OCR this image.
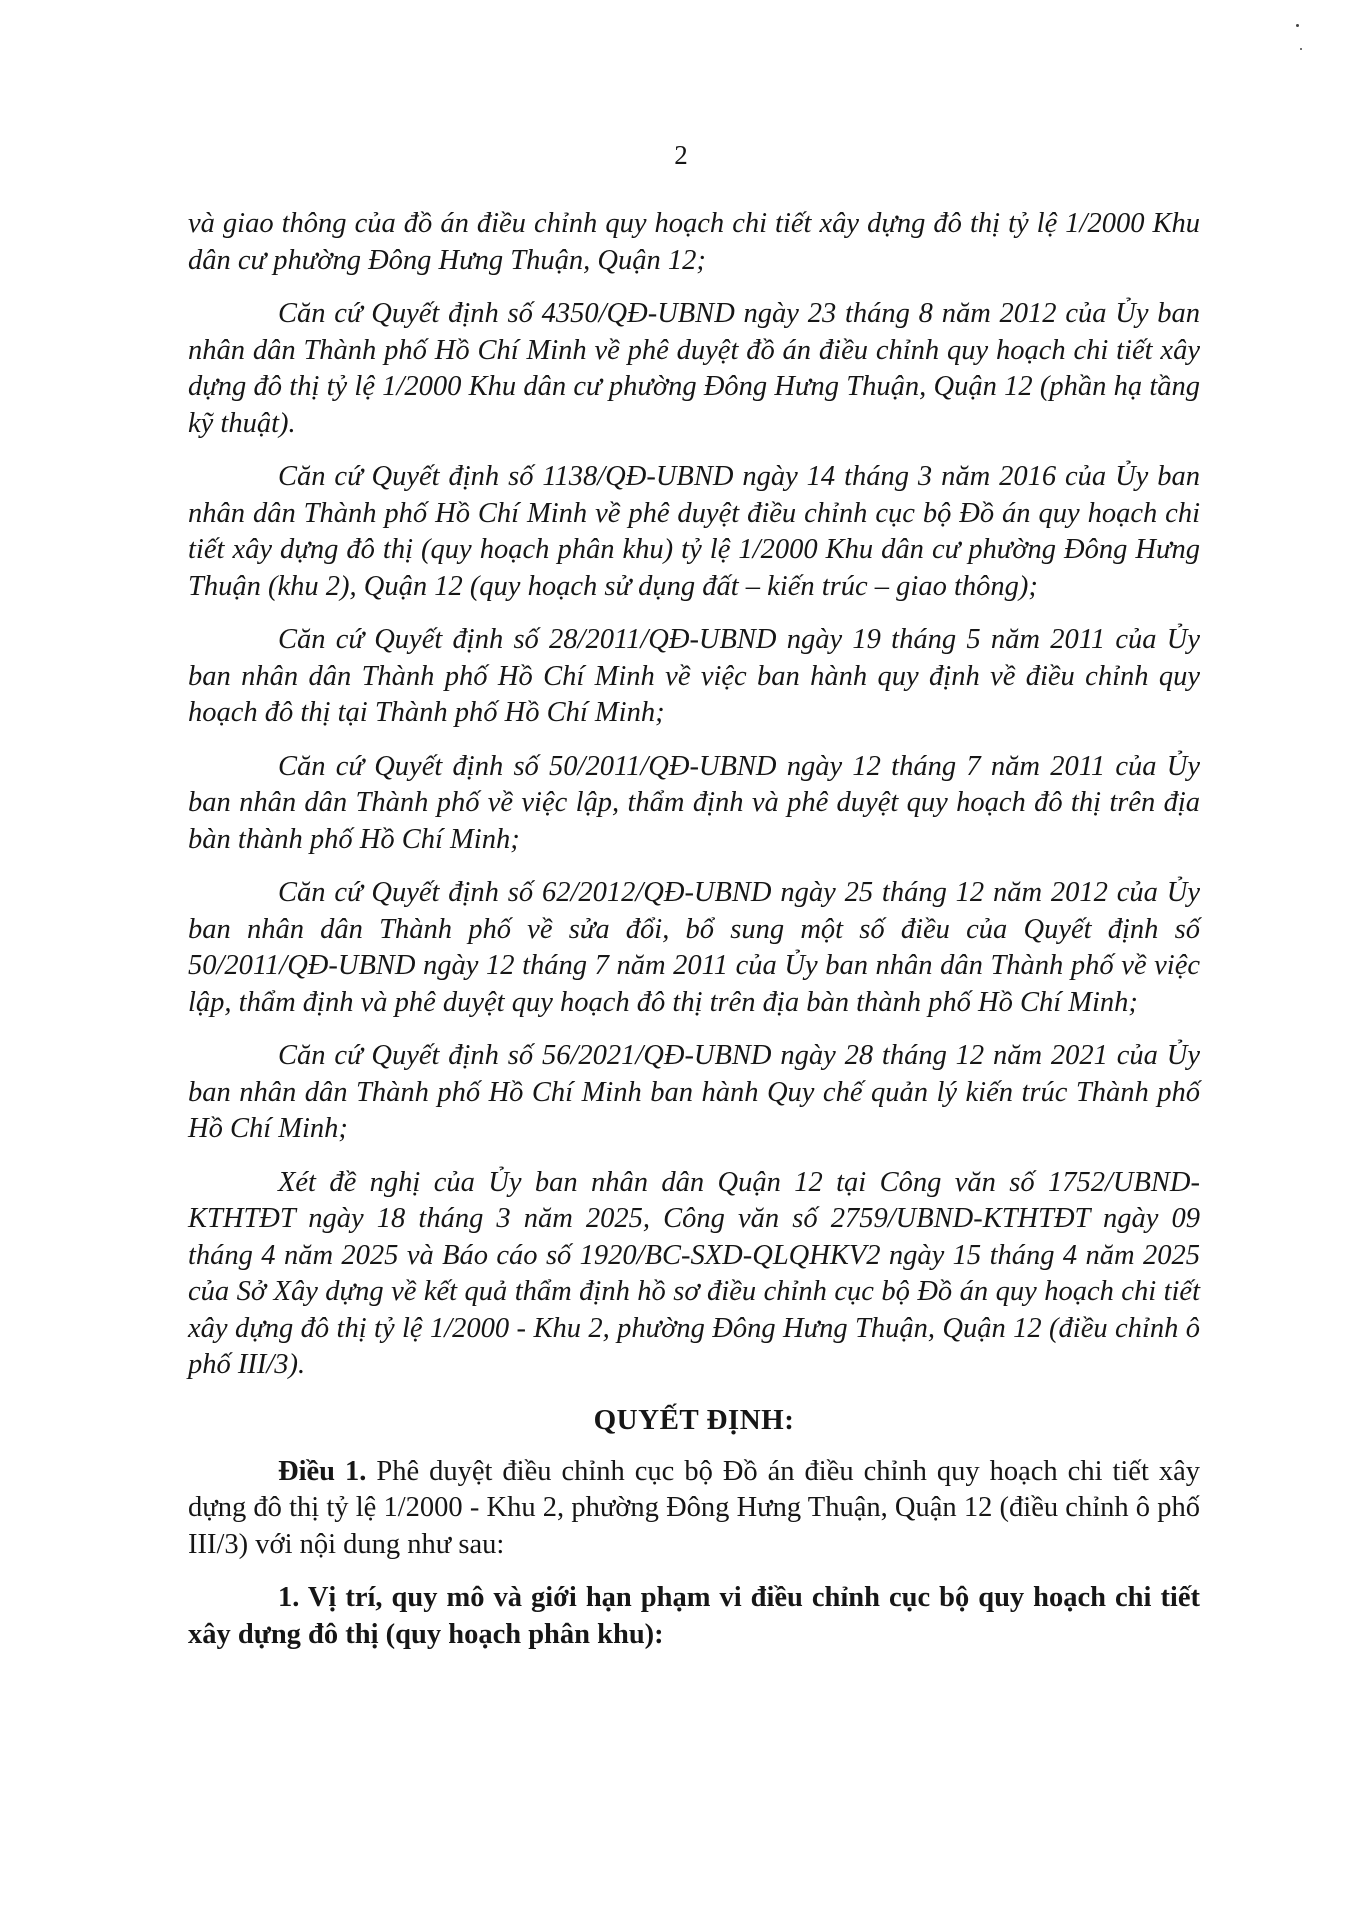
2

và giao thông của đồ án điều chỉnh quy hoạch chi tiết xây dựng đô thị tỷ lệ 1/2000 Khu dân cư phường Đông Hưng Thuận, Quận 12;

Căn cứ Quyết định số 4350/QĐ-UBND ngày 23 tháng 8 năm 2012 của Ủy ban nhân dân Thành phố Hồ Chí Minh về phê duyệt đồ án điều chỉnh quy hoạch chi tiết xây dựng đô thị tỷ lệ 1/2000 Khu dân cư phường Đông Hưng Thuận, Quận 12 (phần hạ tầng kỹ thuật).

Căn cứ Quyết định số 1138/QĐ-UBND ngày 14 tháng 3 năm 2016 của Ủy ban nhân dân Thành phố Hồ Chí Minh về phê duyệt điều chỉnh cục bộ Đồ án quy hoạch chi tiết xây dựng đô thị (quy hoạch phân khu) tỷ lệ 1/2000 Khu dân cư phường Đông Hưng Thuận (khu 2), Quận 12 (quy hoạch sử dụng đất – kiến trúc – giao thông);

Căn cứ Quyết định số 28/2011/QĐ-UBND ngày 19 tháng 5 năm 2011 của Ủy ban nhân dân Thành phố Hồ Chí Minh về việc ban hành quy định về điều chỉnh quy hoạch đô thị tại Thành phố Hồ Chí Minh;

Căn cứ Quyết định số 50/2011/QĐ-UBND ngày 12 tháng 7 năm 2011 của Ủy ban nhân dân Thành phố về việc lập, thẩm định và phê duyệt quy hoạch đô thị trên địa bàn thành phố Hồ Chí Minh;

Căn cứ Quyết định số 62/2012/QĐ-UBND ngày 25 tháng 12 năm 2012 của Ủy ban nhân dân Thành phố về sửa đổi, bổ sung một số điều của Quyết định số 50/2011/QĐ-UBND ngày 12 tháng 7 năm 2011 của Ủy ban nhân dân Thành phố về việc lập, thẩm định và phê duyệt quy hoạch đô thị trên địa bàn thành phố Hồ Chí Minh;

Căn cứ Quyết định số 56/2021/QĐ-UBND ngày 28 tháng 12 năm 2021 của Ủy ban nhân dân Thành phố Hồ Chí Minh ban hành Quy chế quản lý kiến trúc Thành phố Hồ Chí Minh;

Xét đề nghị của Ủy ban nhân dân Quận 12 tại Công văn số 1752/UBND-KTHTĐT ngày 18 tháng 3 năm 2025, Công văn số 2759/UBND-KTHTĐT ngày 09 tháng 4 năm 2025 và Báo cáo số 1920/BC-SXD-QLQHKV2 ngày 15 tháng 4 năm 2025 của Sở Xây dựng về kết quả thẩm định hồ sơ điều chỉnh cục bộ Đồ án quy hoạch chi tiết xây dựng đô thị tỷ lệ 1/2000 - Khu 2, phường Đông Hưng Thuận, Quận 12 (điều chỉnh ô phố III/3).

QUYẾT ĐỊNH:

Điều 1. Phê duyệt điều chỉnh cục bộ Đồ án điều chỉnh quy hoạch chi tiết xây dựng đô thị tỷ lệ 1/2000 - Khu 2, phường Đông Hưng Thuận, Quận 12 (điều chỉnh ô phố III/3) với nội dung như sau:

1. Vị trí, quy mô và giới hạn phạm vi điều chỉnh cục bộ quy hoạch chi tiết xây dựng đô thị (quy hoạch phân khu):
